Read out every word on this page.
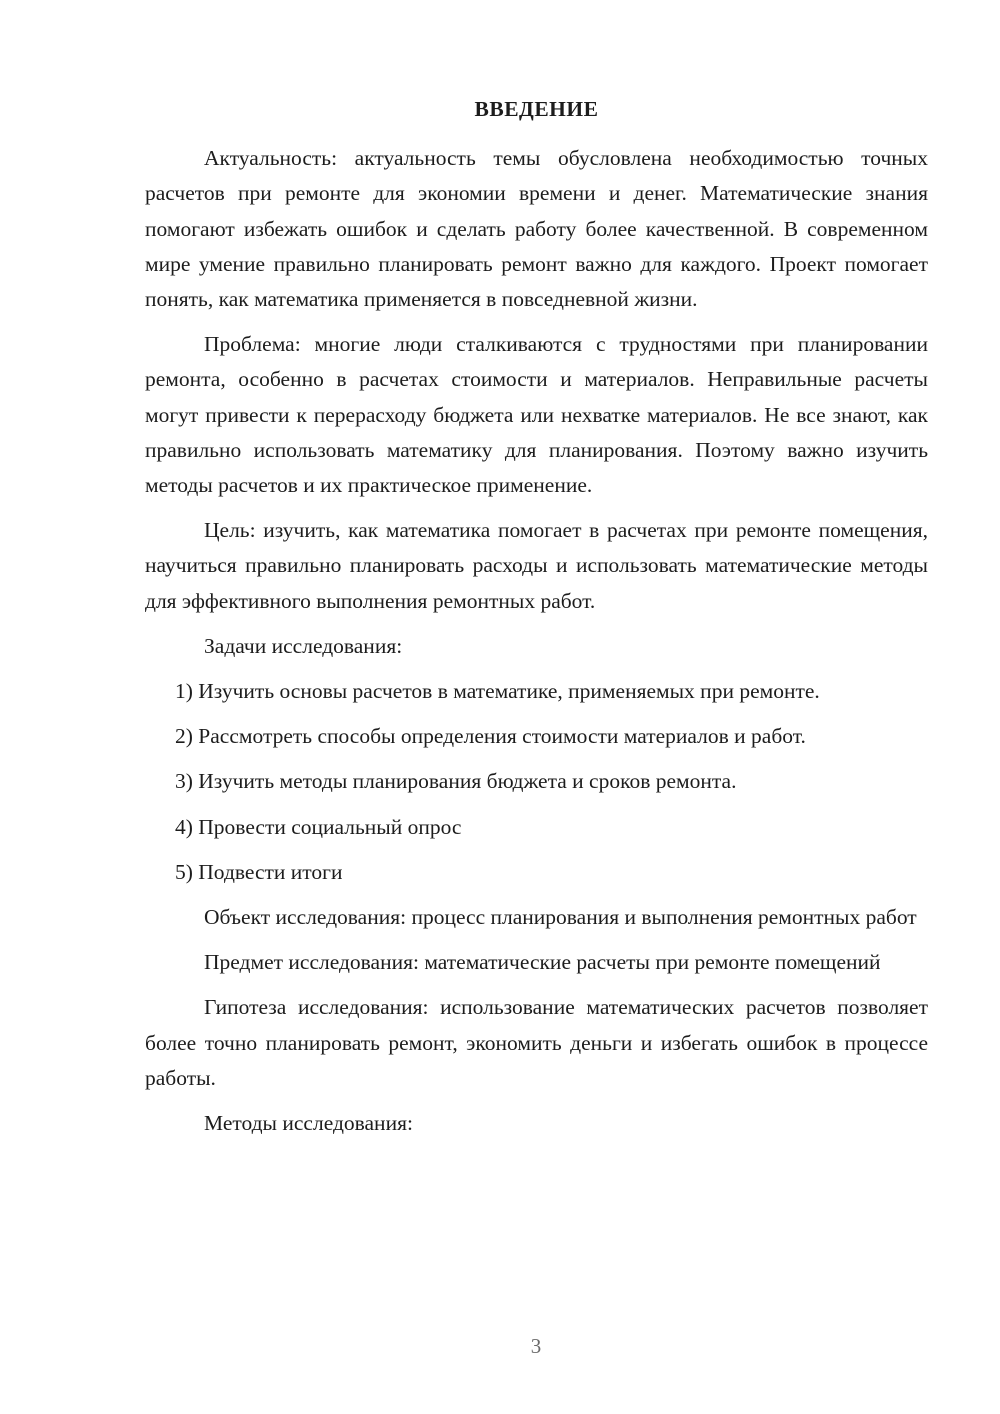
ВВЕДЕНИЕ

Актуальность: актуальность темы обусловлена необходимостью точных расчетов при ремонте для экономии времени и денег. Математические знания помогают избежать ошибок и сделать работу более качественной. В современном мире умение правильно планировать ремонт важно для каждого. Проект помогает понять, как математика применяется в повседневной жизни.

Проблема: многие люди сталкиваются с трудностями при планировании ремонта, особенно в расчетах стоимости и материалов. Неправильные расчеты могут привести к перерасходу бюджета или нехватке материалов. Не все знают, как правильно использовать математику для планирования. Поэтому важно изучить методы расчетов и их практическое применение.

Цель: изучить, как математика помогает в расчетах при ремонте помещения, научиться правильно планировать расходы и использовать математические методы для эффективного выполнения ремонтных работ.

Задачи исследования:

1) Изучить основы расчетов в математике, применяемых при ремонте.
2) Рассмотреть способы определения стоимости материалов и работ.
3) Изучить методы планирования бюджета и сроков ремонта.
4) Провести социальный опрос
5) Подвести итоги

Объект исследования: процесс планирования и выполнения ремонтных работ

Предмет исследования: математические расчеты при ремонте помещений

Гипотеза исследования: использование математических расчетов позволяет более точно планировать ремонт, экономить деньги и избегать ошибок в процессе работы.

Методы исследования:

3
